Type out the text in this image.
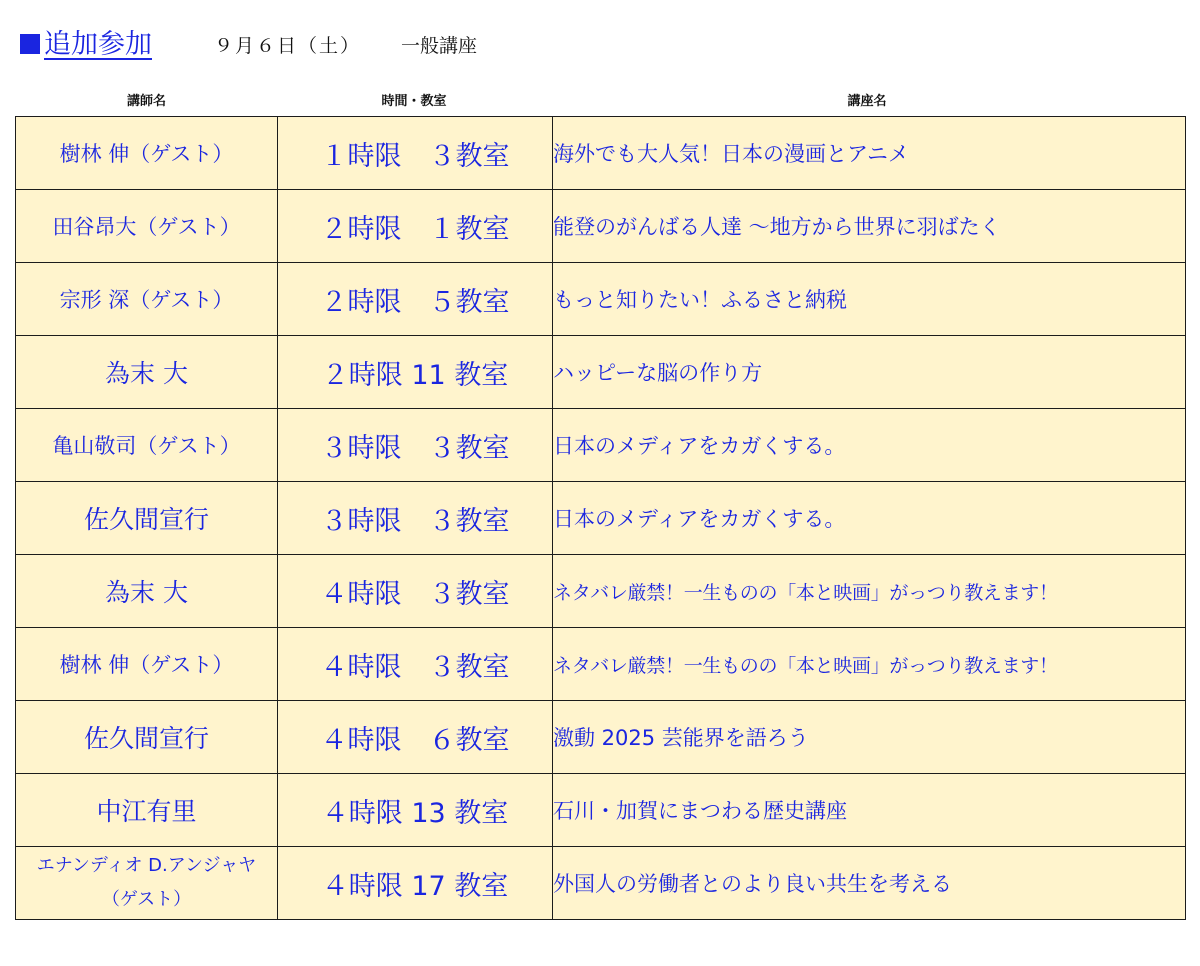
追加参加	９月６日（土） 一般講座
講師名	時間・教室	講座名
樹林 伸（ゲスト）	１時限　３教室	海外でも大人気！日本の漫画とアニメ
田谷昂大（ゲスト）	２時限　１教室	能登のがんばる人達 〜地方から世界に羽ばたく
宗形 深（ゲスト）	２時限　５教室	もっと知りたい！ふるさと納税
為末 大	２時限 11 教室	ハッピーな脳の作り方
亀山敬司（ゲスト）	３時限　３教室	日本のメディアをカガくする。
佐久間宣行	３時限　３教室	日本のメディアをカガくする。
為末 大	４時限　３教室	ネタバレ厳禁！一生ものの「本と映画」がっつり教えます！
樹林 伸（ゲスト）	４時限　３教室	ネタバレ厳禁！一生ものの「本と映画」がっつり教えます！
佐久間宣行	４時限　６教室	激動 2025 芸能界を語ろう
中江有里	４時限 13 教室	石川・加賀にまつわる歴史講座
エナンディオ D.アンジャヤ（ゲスト）	４時限 17 教室	外国人の労働者とのより良い共生を考える
